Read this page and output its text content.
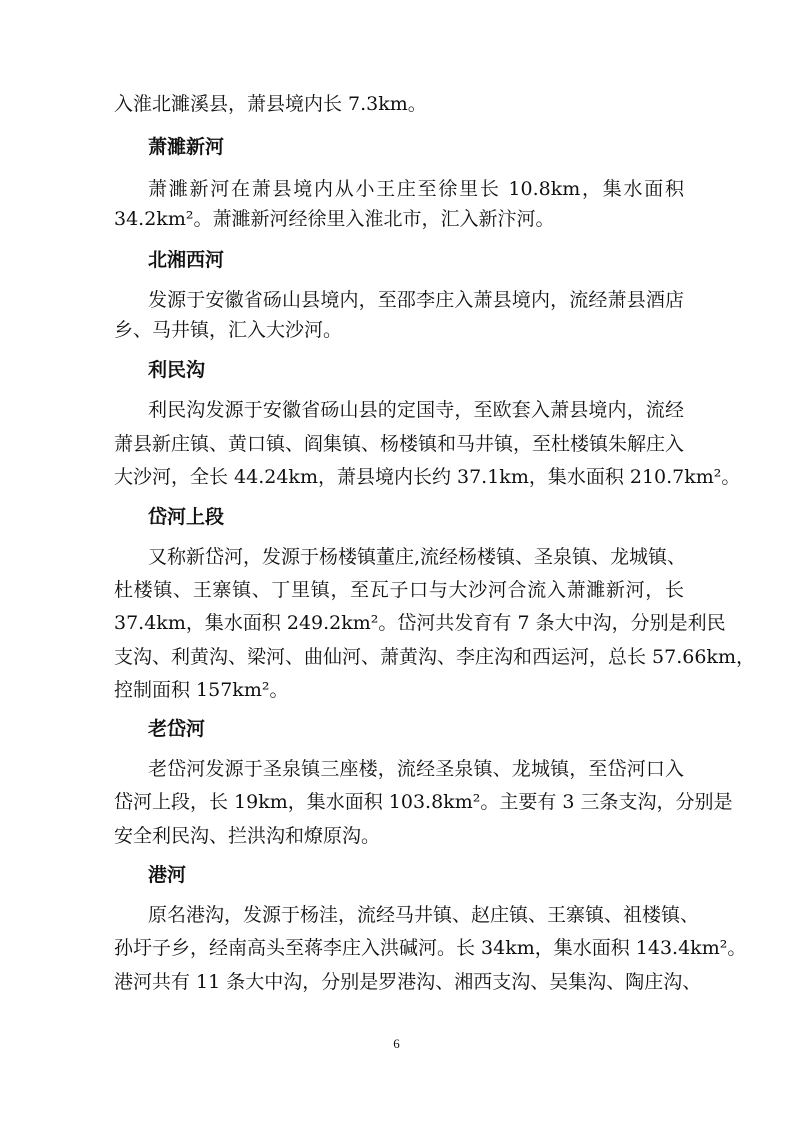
入淮北濉溪县，萧县境内长 7.3km。
萧濉新河
萧濉新河在萧县境内从小王庄至徐里长 10.8km，集水面积
34.2km²。萧濉新河经徐里入淮北市，汇入新汴河。
北湘西河
发源于安徽省砀山县境内，至邵李庄入萧县境内，流经萧县酒店
乡、马井镇，汇入大沙河。
利民沟
利民沟发源于安徽省砀山县的定国寺，至欧套入萧县境内，流经
萧县新庄镇、黄口镇、阎集镇、杨楼镇和马井镇，至杜楼镇朱解庄入
大沙河，全长 44.24km，萧县境内长约 37.1km，集水面积 210.7km²。
岱河上段
又称新岱河，发源于杨楼镇董庄,流经杨楼镇、圣泉镇、龙城镇、
杜楼镇、王寨镇、丁里镇，至瓦子口与大沙河合流入萧濉新河，长
37.4km，集水面积 249.2km²。岱河共发育有 7 条大中沟，分别是利民
支沟、利黄沟、梁河、曲仙河、萧黄沟、李庄沟和西运河，总长 57.66km，
控制面积 157km²。
老岱河
老岱河发源于圣泉镇三座楼，流经圣泉镇、龙城镇，至岱河口入
岱河上段，长 19km，集水面积 103.8km²。主要有 3 三条支沟，分别是
安全利民沟、拦洪沟和燎原沟。
港河
原名港沟，发源于杨洼，流经马井镇、赵庄镇、王寨镇、祖楼镇、
孙圩子乡，经南高头至蒋李庄入洪碱河。长 34km，集水面积 143.4km²。
港河共有 11 条大中沟，分别是罗港沟、湘西支沟、吴集沟、陶庄沟、
6
